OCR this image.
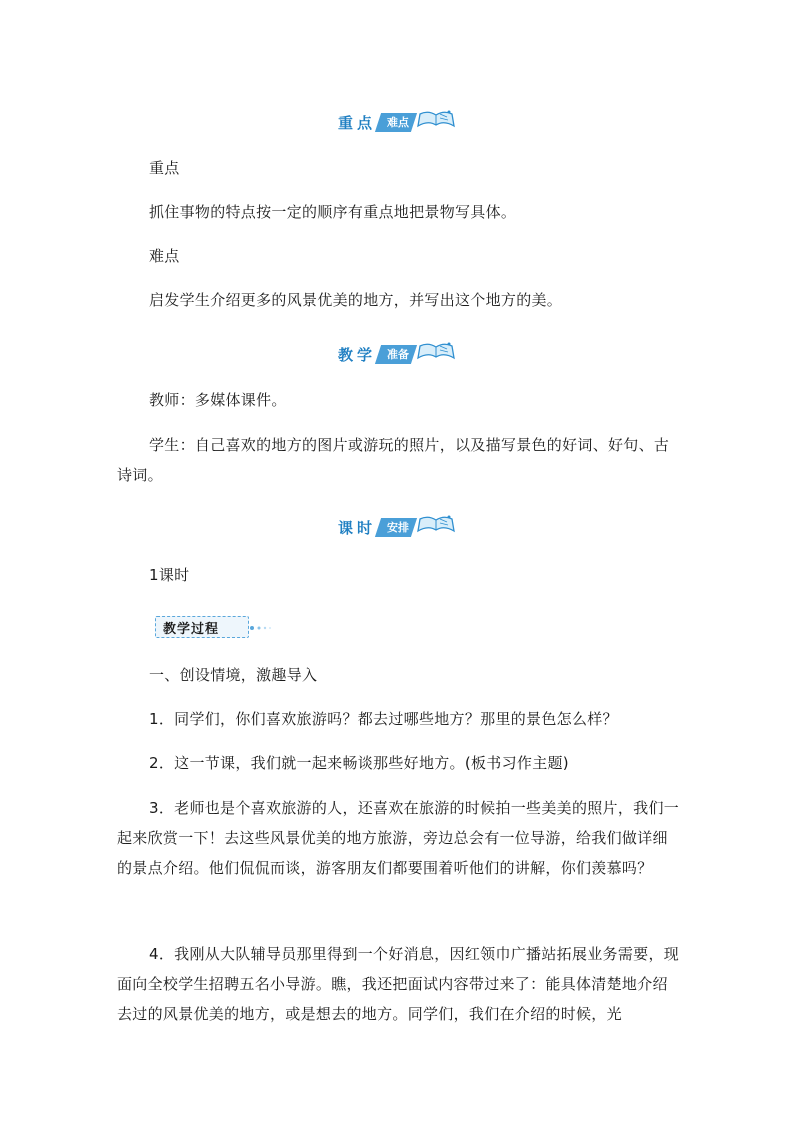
重点	难点

重点

抓住事物的特点按一定的顺序有重点地把景物写具体。

难点

启发学生介绍更多的风景优美的地方，并写出这个地方的美。

教学	准备

教师：多媒体课件。

学生：自己喜欢的地方的图片或游玩的照片，以及描写景色的好词、好句、古诗词。

课时	安排

1课时

教学过程

一、创设情境，激趣导入

1．同学们，你们喜欢旅游吗？都去过哪些地方？那里的景色怎么样？

2．这一节课，我们就一起来畅谈那些好地方。(板书习作主题)

3．老师也是个喜欢旅游的人，还喜欢在旅游的时候拍一些美美的照片，我们一起来欣赏一下！去这些风景优美的地方旅游，旁边总会有一位导游，给我们做详细的景点介绍。他们侃侃而谈，游客朋友们都要围着听他们的讲解，你们羡慕吗？

4．我刚从大队辅导员那里得到一个好消息，因红领巾广播站拓展业务需要，现面向全校学生招聘五名小导游。瞧，我还把面试内容带过来了：能具体清楚地介绍去过的风景优美的地方，或是想去的地方。同学们，我们在介绍的时候，光
